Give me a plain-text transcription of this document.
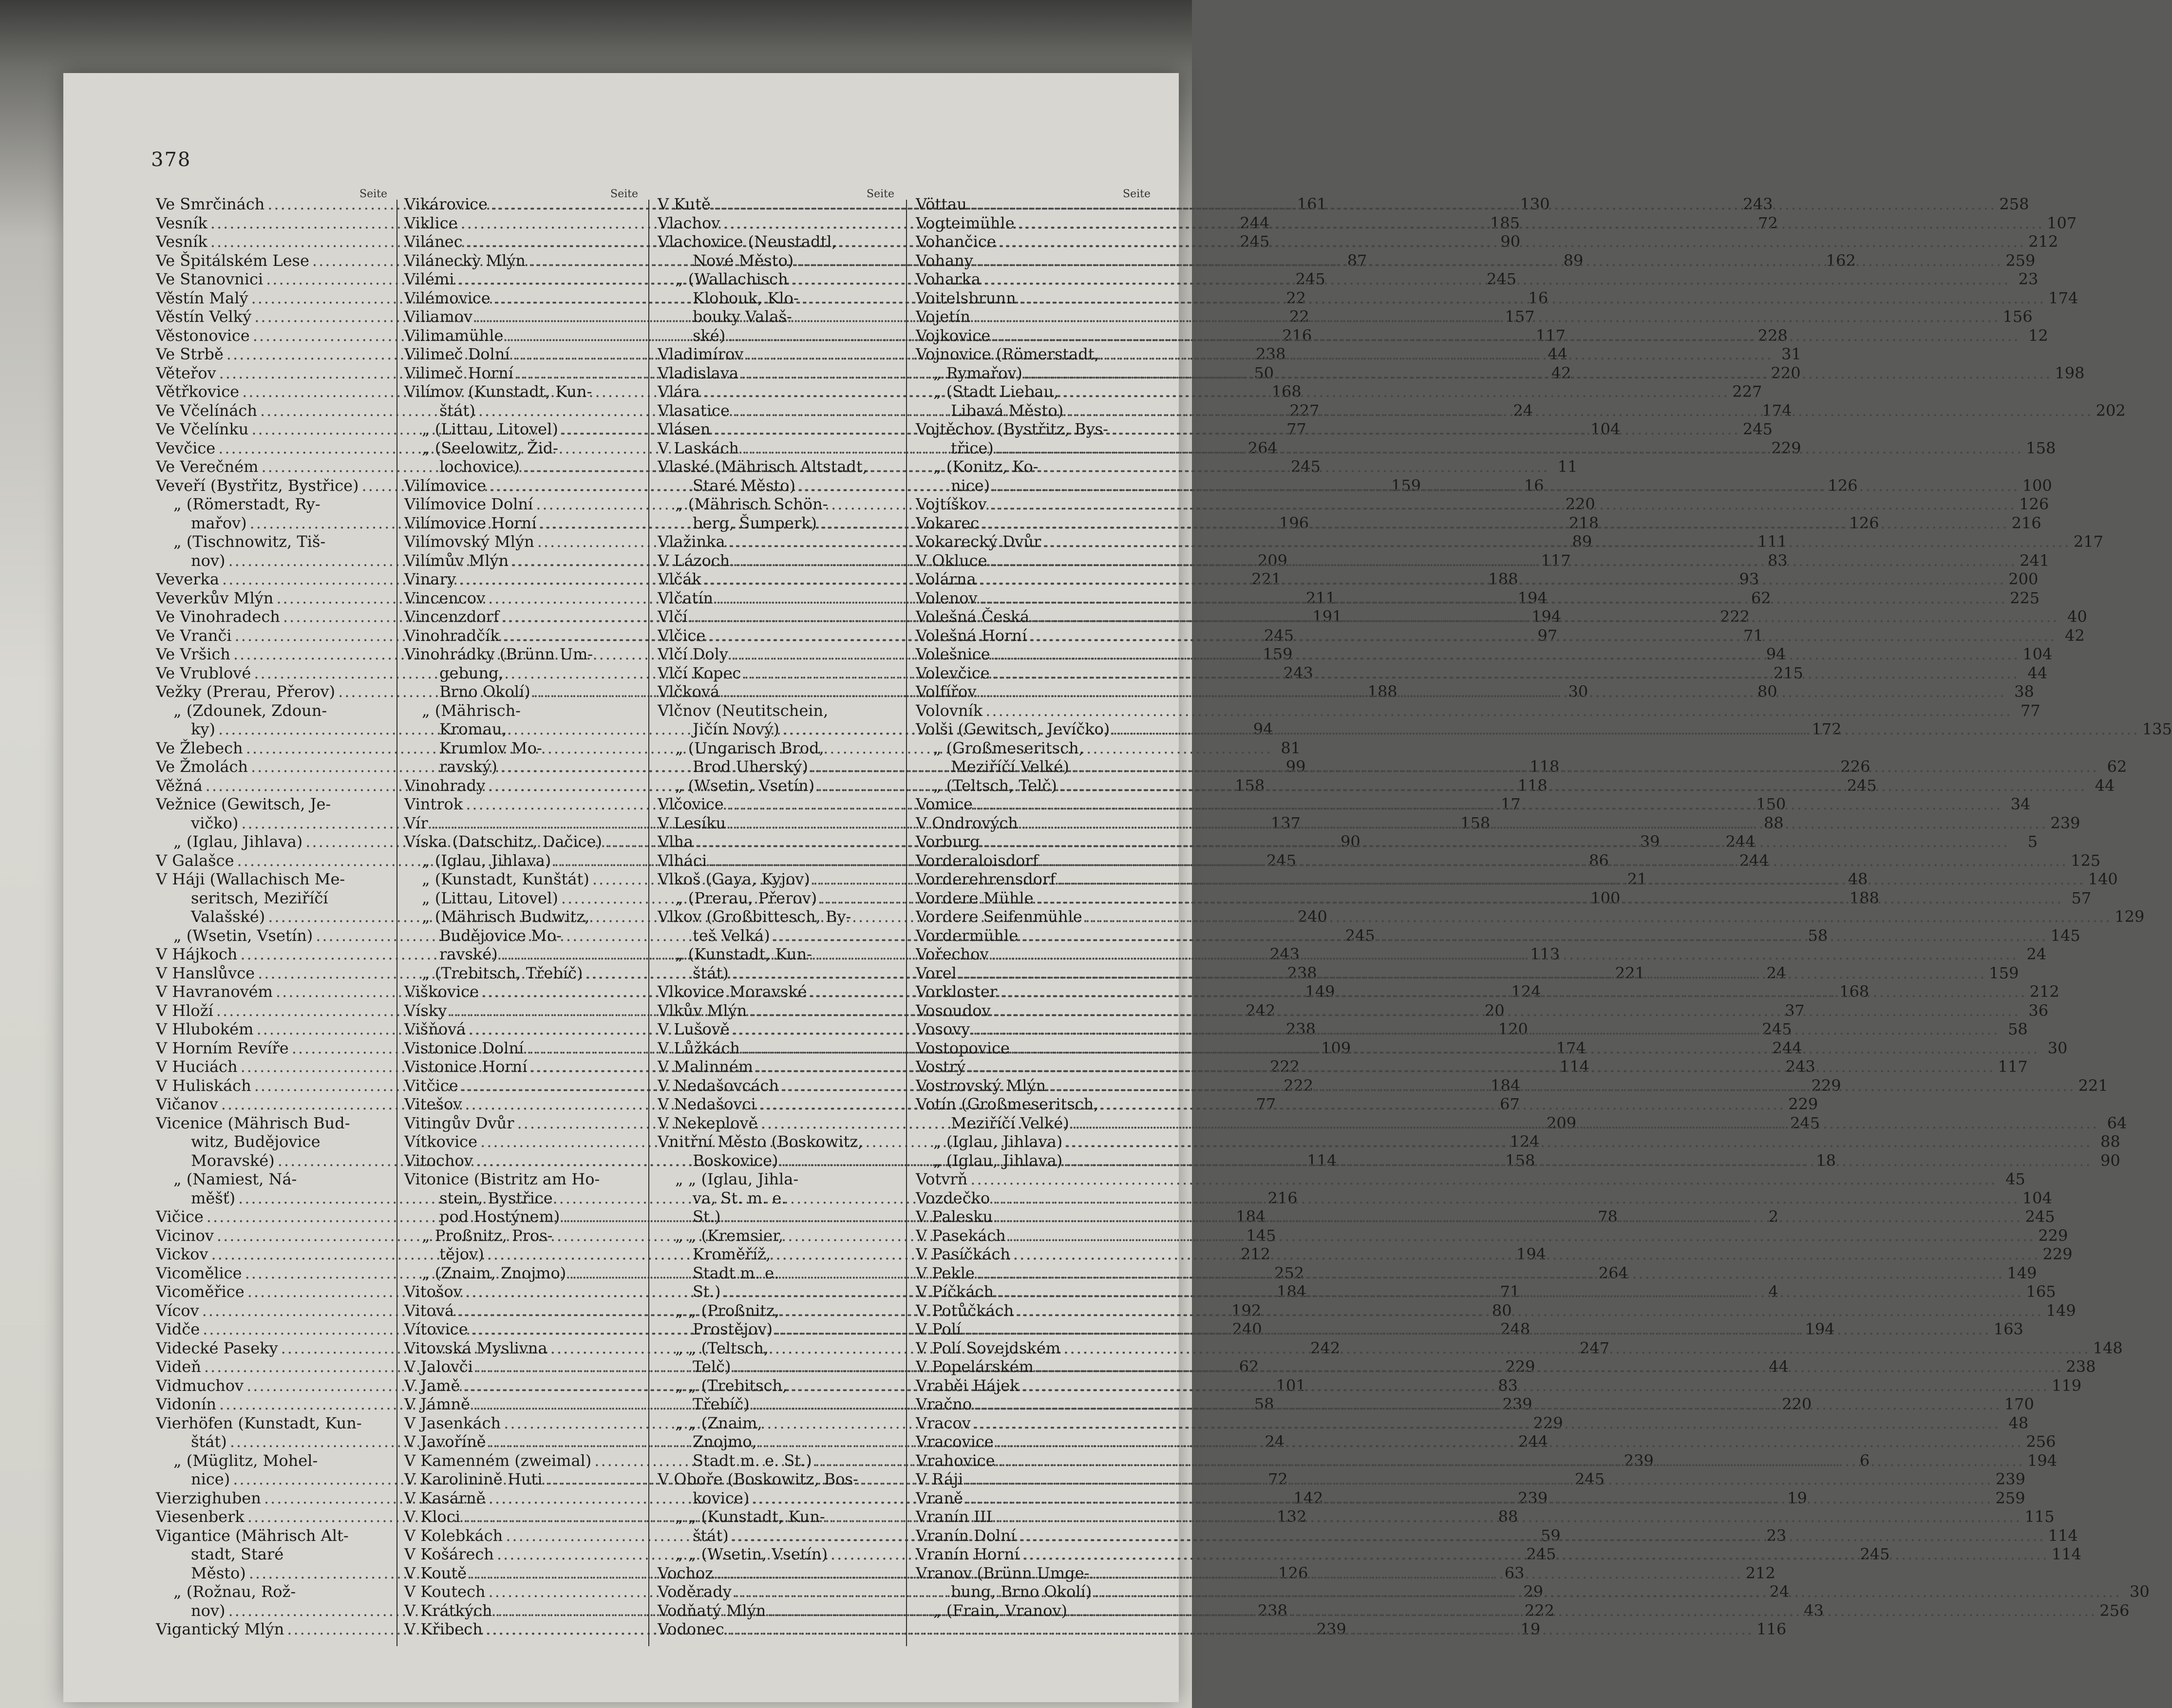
378
Seite
Ve Smrčinách .....	161
Vesník .....	244
Vesník .....	245
Ve Špitálském Lese .....	87
Ve Stanovnici .....	245
Věstín Malý .....	22
Věstín Velký .....	22
Věstonovice .....	216
Ve Strbě .....	238
Věteřov .....	50
Větřkovice .....	168
Ve Včelínách .....	227
Ve Včelínku .....	77
Vevčice .....	264
Ve Verečném .....	245
Veveří (Bystřitz, Bystřice) .....	159
„ (Römerstadt, Ry-
mařov) .....	196
„ (Tischnowitz, Tiš-
nov) .....	209
Veverka .....	221
Veverkův Mlýn .....	211
Ve Vinohradech .....	191
Ve Vranči .....	245
Ve Vršich .....	159
Ve Vrublové .....	243
Vežky (Prerau, Přerov) .....	188
„ (Zdounek, Zdoun-
ky) .....	94
Ve Žlebech .....	81
Ve Žmolách .....	99
Věžná .....	158
Vežnice (Gewitsch, Je-
vičko) .....	137
„ (Iglau, Jihlava) .....	90
V Galašce .....	245
V Háji (Wallachisch Me-
seritsch, Meziříčí
Valašské) .....	240
„ (Wsetin, Vsetín) .....	245
V Hájkoch .....	243
V Hanslůvce .....	238
V Havranovém .....	149
V Hloží .....	242
V Hlubokém .....	238
V Horním Revíře .....	109
V Huciách .....	222
V Huliskách .....	222
Vičanov .....	77
Vicenice (Mährisch Bud-
witz, Budějovice
Moravské) .....	114
„ (Namiest, Ná-
měšť) .....	216
Vičice .....	184
Vicinov .....	145
Vickov .....	212
Vicomělice .....	252
Vicoměřice .....	184
Vícov .....	192
Vidče .....	240
Videcké Paseky .....	242
Videň .....	62
Vidmuchov .....	101
Vidonín .....	58
Vierhöfen (Kunstadt, Kun-
štát) .....	24
„ (Müglitz, Mohel-
nice) .....	72
Vierzighuben .....	142
Viesenberk .....	132
Vigantice (Mährisch Alt-
stadt, Staré
Město) .....	126
„ (Rožnau, Rož-
nov) .....	238
Vigantický Mlýn .....	239
Seite
Vikárovice .....	130
Viklice .....	185
Vilánec .....	90
Viláneckỳ Mlýn .....	89
Vilémi .....	245
Vilémovice .....	16
Viliamov .....	157
Vilimamühle .....	117
Vilimeč Dolní .....	44
Vilimeč Horní .....	42
Vilímov (Kunstadt, Kun-
štát) .....	24
„ (Littau, Litovel) .....	104
„ (Seelowitz, Žid-
lochovice) .....	11
Vilímovice .....	16
Vilímovice Dolní .....	220
Vilímovice Horní .....	218
Vilímovský Mlýn .....	89
Vilímův Mlýn .....	117
Vinary .....	188
Vincencov .....	194
Vincenzdorf .....	194
Vinohradčík .....	97
Vinohrádky (Brünn Um-
gebung,
Brno Okolí) .....	30
„ (Mährisch-
Kromau,
Krumlov Mo-
ravský) .....	118
Vinohrady .....	118
Vintrok .....	17
Vír .....	158
Víska (Datschitz, Dačice) .....	39
„ (Iglau, Jihlava) .....	86
„ (Kunstadt, Kunštát) .....	21
„ (Littau, Litovel) .....	100
„ (Mährisch Budwitz,
Budějovice Mo-
ravské) .....	113
„ (Trebitsch, Třebíč) .....	221
Viškovice .....	124
Vísky .....	20
Višňová .....	120
Vistonice Dolní .....	174
Vistonice Horní .....	114
Vitčice .....	184
Vitešov .....	67
Vitingův Dvůr .....	209
Vítkovice .....	124
Vitochov .....	158
Vitonice (Bistritz am Ho-
stein, Bystřice
pod Hostýnem) .....	78
„ Proßnitz, Pros-
tějov) .....	194
„ (Znaim, Znojmo) .....	264
Vitošov .....	71
Vitová .....	80
Vítovice .....	248
Vitovská Myslivna .....	247
V Jalovči .....	229
V Jamě .....	83
V Jámně .....	239
V Jasenkách .....	229
V Javoříně .....	244
V Kamenném (zweimal) .....	239
V Karolinině Huti .....	245
V Kasárně .....	239
V Kloci .....	88
V Kolebkách .....	59
V Košárech .....	245
V Koutě .....	63
V Koutech .....	29
V Krátkých .....	222
V Křibech .....	19
Seite
V Kutě .....	243
Vlachov .....	72
Vlachovice (Neustadtl,
Nové Město) .....	162
„ (Wallachisch
Klobouk, Klo-
bouky Valaš-
ské) .....	228
Vladimírov .....	31
Vladislava .....	220
Vlára .....	227
Vlasatice .....	174
Vlásen .....	245
V Laskách .....	229
Vlaské (Mährisch Altstadt,
Staré Město) .....	126
„ (Mährisch Schön-
berg, Šumperk) .....	126
Vlažinka .....	111
V Lázoch .....	83
Vlčák .....	93
Vlčatín .....	62
Vlčí .....	222
Vlčice .....	71
Vlčí Doly .....	94
Vlčí Kopec .....	215
Vlčková .....	80
Vlčnov (Neutitschein,
Jičín Nový) .....	172
„ (Ungarisch Brod,
Brod Uherský) .....	226
„ (Wsetin, Vsetín) .....	245
Vlčovice .....	150
V Lesíku .....	88
Vlha .....	244
Vlháci .....	244
Vlkoš (Gaya, Kyjov) .....	48
„ (Prerau, Přerov) .....	188
Vlkov (Großbittesch, By-
teš Velká) .....	58
„ (Kunstadt, Kun-
štát) .....	24
Vlkovice Moravské .....	168
Vlkův Mlýn .....	37
V Lušově .....	245
V Lůžkách .....	244
V Malinném .....	243
V Nedašovcách .....	229
V Nedašovci .....	229
V Nekeplově .....	245
Vnitřní Město (Boskowitz,
Boskovice) .....	18
„ „ (Iglau, Jihla-
va, St. m. e.
St.) .....	2
„ „ (Kremsier,
Kroměříž,
Stadt m. e.
St.) .....	4
„ „ (Proßnitz,
Prostějov) .....	194
„ „ (Teltsch,
Telč) .....	44
„ „ (Trebitsch,
Třebíč) .....	220
„ „ (Znaim,
Znojmo,
Stadt m. e. St.) .....	6
V Oboře (Boskowitz, Bos-
kovice) .....	19
„ „ (Kunstadt, Kun-
štát) .....	23
„ „ (Wsetin, Vsetín) .....	245
Vochoz .....	212
Voděrady .....	24
Vodňatý Mlýn .....	43
Vodonec .....	116
Seite
Vöttau .....	258
Vogteimühle .....	107
Vohančice .....	212
Vohany .....	259
Voharka .....	23
Voitelsbrunn .....	174
Vojetín .....	156
Vojkovice .....	12
Vojnovice (Römerstadt,
„ Rymařov) .....	198
„ (Stadt Liebau,
Libavá Město) .....	202
Vojtěchov (Bystřitz, Bys-
třice) .....	158
„ (Konitz, Ko-
nice) .....	100
Vojtíškov .....	126
Vokarec .....	216
Vokarecký Dvůr .....	217
V Okluce .....	241
Volárna .....	200
Volenov .....	225
Volešná Česká .....	40
Volešná Horní .....	42
Volešnice .....	104
Volevčice .....	44
Volfířov .....	38
Volovník .....	77
Volši (Gewitsch, Jevíčko) .....	135
„ (Großmeseritsch,
Meziříčí Velké) .....	62
„ (Teltsch, Telč) .....	44
Vomice .....	34
V Ondrových .....	239
Vorburg .....	5
Vorderaloisdorf .....	125
Vorderehrensdorf .....	140
Vordere Mühle .....	57
Vordere Seifenmühle .....	129
Vordermühle .....	145
Vořechov .....	24
Vorel .....	159
Vorkloster .....	212
Vosoudov .....	36
Vosovy .....	58
Vostopovice .....	30
Vostrý .....	117
Vostrovský Mlýn .....	221
Votín (Großmeseritsch,
Meziříčí Velké) .....	64
„ (Iglau, Jihlava) .....	88
„ (Iglau, Jihlava) .....	90
Votvrň .....	45
Vozdečko .....	104
V Palesku .....	245
V Pasekách .....	229
V Pasíčkách .....	229
V Pekle .....	149
V Píčkách .....	165
V Potůčkách .....	149
V Polí .....	163
V Polí Sovejdském .....	148
V Popelárském .....	238
Vraběi Hájek .....	119
Vračno .....	170
Vracov .....	48
Vracovice .....	256
Vrahovice .....	194
V Ráji .....	239
Vraně .....	259
Vranín III .....	115
Vranín Dolní .....	114
Vranín Horní .....	114
Vranov (Brünn Umge-
bung, Brno Okolí) .....	30
„ (Frain, Vranov) .....	256
